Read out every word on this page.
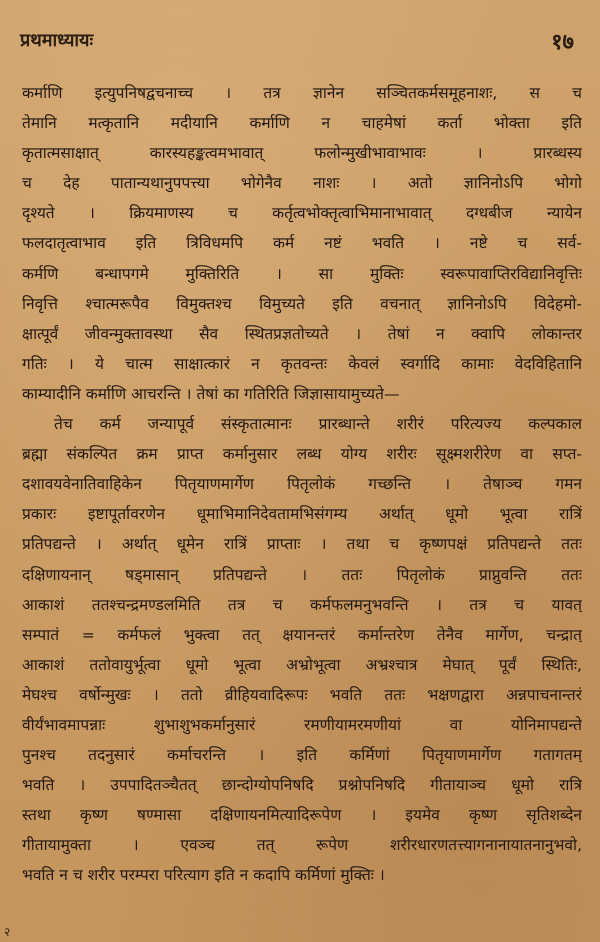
प्रथमाध्यायः	१७
कर्माणि इत्युपनिषद्वचनाच्च । तत्र ज्ञानेन सञ्चितकर्मसमूहनाशः, स च
तेमानि मत्कृतानि मदीयानि कर्माणि न चाहमेषां कर्ता भोक्ता इति
कृतात्मसाक्षात् कारस्यहङ्कत्वमभावात् फलोन्मुखीभावाभावः । प्रारब्धस्य
च देह पातान्यथानुपपत्त्या भोगेनैव नाशः । अतो ज्ञानिनोऽपि भोगो
दृश्यते । क्रियमाणस्य च कर्तृत्वभोक्तृत्वाभिमानाभावात् दग्धबीज न्यायेन
फलदातृत्वाभाव इति त्रिविधमपि कर्म नष्टं भवति । नष्टे च सर्व-
कर्मणि बन्धापगमे मुक्तिरिति । सा मुक्तिः स्वरूपावाप्तिरविद्यानिवृत्तिः
निवृत्ति श्चात्मरूपैव विमुक्तश्च विमुच्यते इति वचनात् ज्ञानिनोऽपि विदेहमो-
क्षात्पूर्वं जीवन्मुक्तावस्था सैव स्थितप्रज्ञतोच्यते । तेषां न क्वापि लोकान्तर
गतिः । ये चात्म साक्षात्कारं न कृतवन्तः केवलं स्वर्गादि कामाः वेदविहितानि
काम्यादीनि कर्माणि आचरन्ति । तेषां का गतिरिति जिज्ञासायामुच्यते—
तेच कर्म जन्यापूर्व संस्कृतात्मानः प्रारब्धान्ते शरीरं परित्यज्य कल्पकाल
ब्रह्मा संकल्पित क्रम प्राप्त कर्मानुसार लब्ध योग्य शरीरः सूक्ष्मशरीरेण वा सप्त-
दशावयवेनातिवाहिकेन पितृयाणमार्गेण पितृलोकं गच्छन्ति । तेषाञ्च गमन
प्रकारः इष्टापूर्तावरणेन धूमाभिमानिदेवतामभिसंगम्य अर्थात् धूमो भूत्वा रात्रिं
प्रतिपद्यन्ते । अर्थात् धूमेन रात्रिं प्राप्ताः । तथा च कृष्णपक्षं प्रतिपद्यन्ते ततः
दक्षिणायनान् षड्मासान् प्रतिपद्यन्ते । ततः पितृलोकं प्राप्नुवन्ति ततः
आकाशं ततश्चन्द्रमण्डलमिति तत्र च कर्मफलमनुभवन्ति । तत्र च यावत्
सम्पातं = कर्मफलं भुक्त्वा तत् क्षयानन्तरं कर्मान्तरेण तेनैव मार्गेण, चन्द्रात्
आकाशं ततोवायुर्भूत्वा धूमो भूत्वा अभ्रोभूत्वा अभ्रश्चात्र मेघात् पूर्वं स्थितिः,
मेघश्च वर्षोन्मुखः । ततो व्रीहियवादिरूपः भवति ततः भक्षणद्वारा अन्नपाचनान्तरं
वीर्यंभावमापन्नाः शुभाशुभकर्मानुसारं रमणीयामरमणीयां वा योनिमापद्यन्ते
पुनश्च तदनुसारं कर्माचरन्ति । इति कर्मिणां पितृयाणमार्गेण गतागतम्
भवति । उपपादितञ्चैतत् छान्दोग्योपनिषदि प्रश्नोपनिषदि गीतायाञ्च धूमो रात्रि
स्तथा कृष्ण षण्मासा दक्षिणायनमित्यादिरूपेण । इयमेव कृष्ण सृतिशब्देन
गीतायामुक्ता । एवञ्च तत् रूपेण शरीरधारणतत्त्यागनानायातनानुभवो,
भवति न च शरीर परम्परा परित्याग इति न कदापि कर्मिणां मुक्तिः ।
२
